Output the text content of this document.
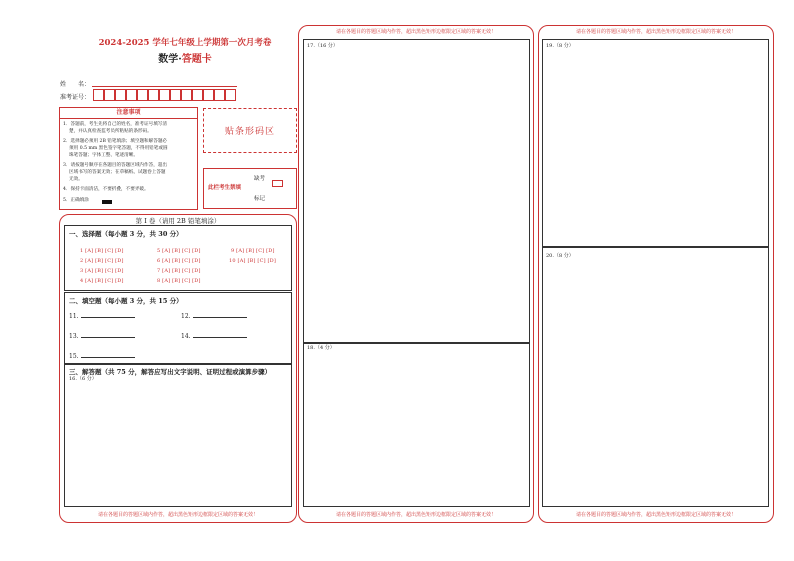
2024-2025 学年七年级上学期第一次月考卷
数学·答题卡
姓　　名：
准考证号：
注意事项
1．答题前，考生先将自己的姓名，准考证号填写清
　 楚，并认真检查监考员所粘贴的条形码。
2．选择题必须用 2B 铅笔填涂；填空题和解答题必
　 须用 0.5 mm 黑色签字笔答题，不得用铅笔或圆
　 珠笔答题；字体工整、笔迹清晰。
3．请按题号顺序在各题目的答题区域内作答，超出
　 区域书写的答案无效；在草稿纸、试题卷上答题
　 无效。
4．保持卡面清洁，不要折叠，不要弄破。
5．正确填涂
贴条形码区
此栏考生禁填
缺考
标记
第 I 卷（请用 2B 铅笔填涂）
一、选择题（每小题 3 分，共 30 分）
1 [A] [B] [C] [D]
2 [A] [B] [C] [D]
3 [A] [B] [C] [D]
4 [A] [B] [C] [D]
5 [A] [B] [C] [D]
6 [A] [B] [C] [D]
7 [A] [B] [C] [D]
8 [A] [B] [C] [D]
9 [A] [B] [C] [D]
10 [A] [B] [C] [D]
二、填空题（每小题 3 分，共 15 分）
11.	12.
13.	14.
15.
三、解答题（共 75 分，解答应写出文字说明、证明过程或演算步骤）
16.（6 分）
请在各题目的答题区域内作答，超出黑色矩形边框限定区域的答案无效！
请在各题目的答题区域内作答，超出黑色矩形边框限定区域的答案无效！
17.（16 分）
18.（4 分）
请在各题目的答题区域内作答，超出黑色矩形边框限定区域的答案无效！
请在各题目的答题区域内作答，超出黑色矩形边框限定区域的答案无效！
19.（8 分）
20.（8 分）
请在各题目的答题区域内作答，超出黑色矩形边框限定区域的答案无效！
